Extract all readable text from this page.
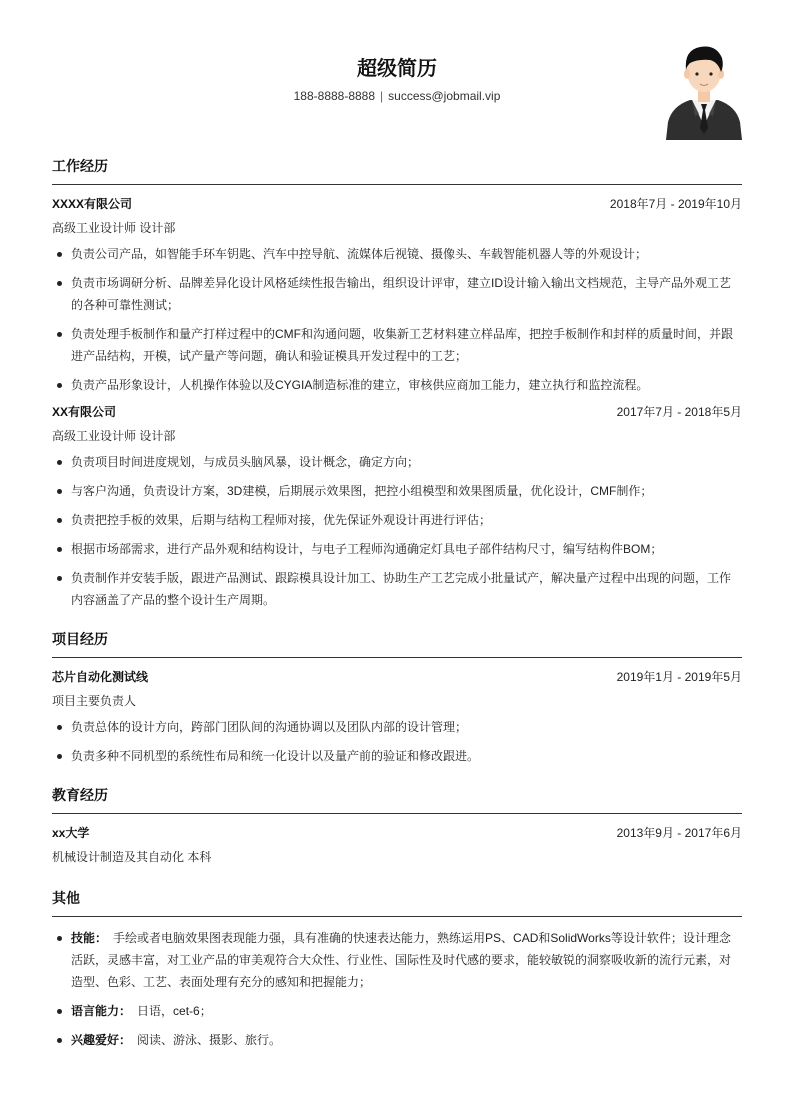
超级简历
188-8888-8888 | success@jobmail.vip
工作经历
XXXX有限公司	2018年7月 - 2019年10月
高级工业设计师 设计部
负责公司产品，如智能手环车钥匙、汽车中控导航、流媒体后视镜、摄像头、车载智能机器人等的外观设计；
负责市场调研分析、品牌差异化设计风格延续性报告输出，组织设计评审，建立ID设计输入输出文档规范，主导产品外观工艺的各种可靠性测试；
负责处理手板制作和量产打样过程中的CMF和沟通问题，收集新工艺材料建立样品库，把控手板制作和封样的质量时间，并跟进产品结构，开模，试产量产等问题，确认和验证模具开发过程中的工艺；
负责产品形象设计，人机操作体验以及CYGIA制造标准的建立，审核供应商加工能力，建立执行和监控流程。
XX有限公司	2017年7月 - 2018年5月
高级工业设计师 设计部
负责项目时间进度规划，与成员头脑风暴，设计概念，确定方向；
与客户沟通，负责设计方案，3D建模，后期展示效果图，把控小组模型和效果图质量，优化设计，CMF制作；
负责把控手板的效果，后期与结构工程师对接，优先保证外观设计再进行评估；
根据市场部需求，进行产品外观和结构设计，与电子工程师沟通确定灯具电子部件结构尺寸，编写结构件BOM；
负责制作并安装手版，跟进产品测试、跟踪模具设计加工、协助生产工艺完成小批量试产，解决量产过程中出现的问题，工作内容涵盖了产品的整个设计生产周期。
项目经历
芯片自动化测试线	2019年1月 - 2019年5月
项目主要负责人
负责总体的设计方向，跨部门团队间的沟通协调以及团队内部的设计管理；
负责多种不同机型的系统性布局和统一化设计以及量产前的验证和修改跟进。
教育经历
xx大学	2013年9月 - 2017年6月
机械设计制造及其自动化 本科
其他
技能： 手绘或者电脑效果图表现能力强，具有准确的快速表达能力，熟练运用PS、CAD和SolidWorks等设计软件；设计理念活跃，灵感丰富，对工业产品的审美观符合大众性、行业性、国际性及时代感的要求，能较敏锐的洞察吸收新的流行元素，对造型、色彩、工艺、表面处理有充分的感知和把握能力；
语言能力： 日语，cet-6；
兴趣爱好： 阅读、游泳、摄影、旅行。
